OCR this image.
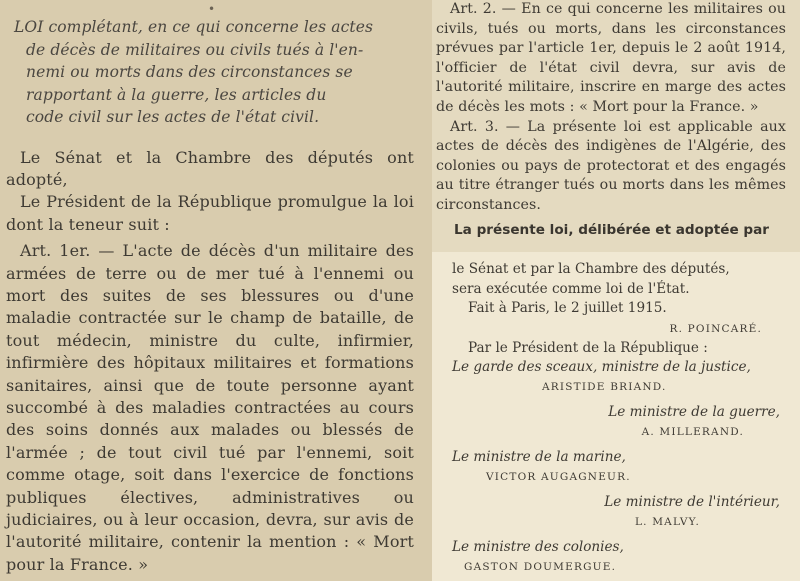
•
LOI complétant, en ce qui concerne les actes
de décès de militaires ou civils tués à l'en-
nemi ou morts dans des circonstances se
rapportant à la guerre, les articles du
code civil sur les actes de l'état civil.

Le Sénat et la Chambre des députés ont adopté,

Le Président de la République promulgue la loi dont la teneur suit :

Art. 1er. — L'acte de décès d'un militaire des armées de terre ou de mer tué à l'ennemi ou mort des suites de ses blessures ou d'une maladie contractée sur le champ de bataille, de tout médecin, ministre du culte, infirmier, infirmière des hôpitaux militaires et formations sanitaires, ainsi que de toute personne ayant succombé à des maladies contractées au cours des soins donnés aux malades ou blessés de l'armée ; de tout civil tué par l'ennemi, soit comme otage, soit dans l'exercice de fonctions publiques électives, administratives ou judiciaires, ou à leur occasion, devra, sur avis de l'autorité militaire, contenir la mention : « Mort pour la France. »

Art. 2. — En ce qui concerne les militaires ou civils, tués ou morts, dans les circonstances prévues par l'article 1er, depuis le 2 août 1914, l'officier de l'état civil devra, sur avis de l'autorité militaire, inscrire en marge des actes de décès les mots : « Mort pour la France. »

Art. 3. — La présente loi est applicable aux actes de décès des indigènes de l'Algérie, des colonies ou pays de protectorat et des engagés au titre étranger tués ou morts dans les mêmes circonstances.

La présente loi, délibérée et adoptée par

le Sénat et par la Chambre des députés,

sera exécutée comme loi de l'État.

Fait à Paris, le 2 juillet 1915.

R. POINCARÉ.

Par le Président de la République :

Le garde des sceaux, ministre de la justice,

ARISTIDE BRIAND.

Le ministre de la guerre,

A. MILLERAND.

Le ministre de la marine,

VICTOR AUGAGNEUR.

Le ministre de l'intérieur,

L. MALVY.

Le ministre des colonies,

GASTON DOUMERGUE.
